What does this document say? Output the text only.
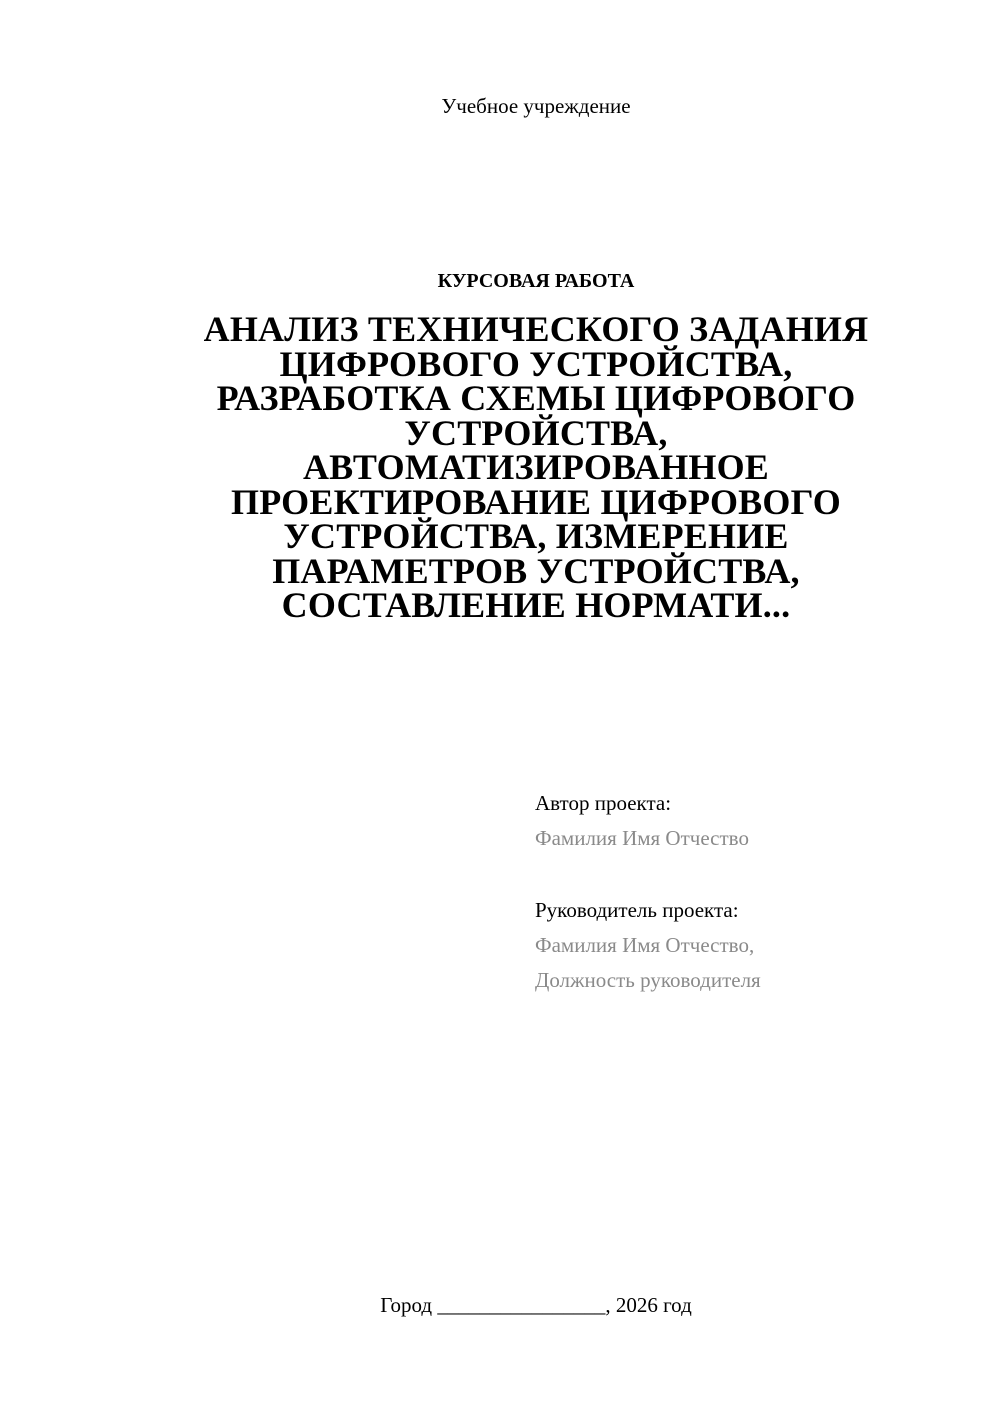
Учебное учреждение
КУРСОВАЯ РАБОТА
АНАЛИЗ ТЕХНИЧЕСКОГО ЗАДАНИЯ
ЦИФРОВОГО УСТРОЙСТВА,
РАЗРАБОТКА СХЕМЫ ЦИФРОВОГО
УСТРОЙСТВА,
АВТОМАТИЗИРОВАННОЕ
ПРОЕКТИРОВАНИЕ ЦИФРОВОГО
УСТРОЙСТВА, ИЗМЕРЕНИЕ
ПАРАМЕТРОВ УСТРОЙСТВА,
СОСТАВЛЕНИЕ НОРМАТИ...
Автор проекта:
Фамилия Имя Отчество
Руководитель проекта:
Фамилия Имя Отчество,
Должность руководителя
Город ________________, 2026 год
